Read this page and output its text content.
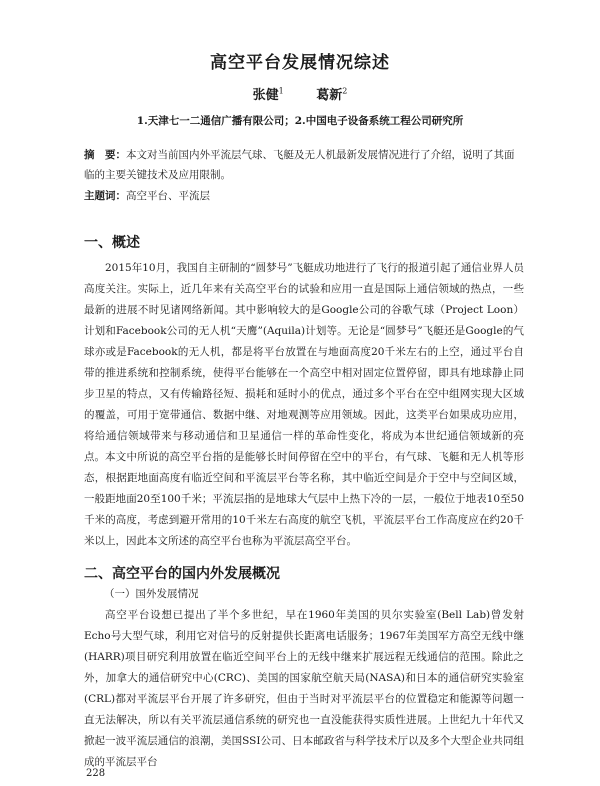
高空平台发展情况综述
张健$^1$	葛新$^2$
1.天津七一二通信广播有限公司；2.中国电子设备系统工程公司研究所
摘　要：本文对当前国内外平流层气球、飞艇及无人机最新发展情况进行了介绍，说明了其面临的主要关键技术及应用限制。
主题词：高空平台、平流层
一、概述

2015年10月，我国自主研制的“圆梦号”飞艇成功地进行了飞行的报道引起了通信业界人员高度关注。实际上，近几年来有关高空平台的试验和应用一直是国际上通信领域的热点，一些最新的进展不时见诸网络新闻。其中影响较大的是Google公司的谷歌气球（Project Loon）计划和Facebook公司的无人机“天鹰”(Aquila)计划等。无论是“圆梦号”飞艇还是Google的气球亦或是Facebook的无人机，都是将平台放置在与地面高度20千米左右的上空，通过平台自带的推进系统和控制系统，使得平台能够在一个高空中相对固定位置停留，即具有地球静止同步卫星的特点，又有传输路径短、损耗和延时小的优点，通过多个平台在空中组网实现大区域的覆盖，可用于宽带通信、数据中继、对地观测等应用领域。因此，这类平台如果成功应用，将给通信领域带来与移动通信和卫星通信一样的革命性变化，将成为本世纪通信领域新的亮点。 本文中所说的高空平台指的是能够长时间停留在空中的平台，有气球、飞艇和无人机等形态，根据距地面高度有临近空间和平流层平台等名称，其中临近空间是介于空中与空间区域，一般距地面20至100千米；平流层指的是地球大气层中上热下冷的一层，一般位于地表10至50千米的高度，考虑到避开常用的10千米左右高度的航空飞机，平流层平台工作高度应在约20千米以上，因此本文所述的高空平台也称为平流层高空平台。

二、高空平台的国内外发展概况
（一）国外发展情况

高空平台设想已提出了半个多世纪，早在1960年美国的贝尔实验室(Bell Lab)曾发射Echo号大型气球，利用它对信号的反射提供长距离电话服务；1967年美国军方高空无线中继(HARR)项目研究利用放置在临近空间平台上的无线中继来扩展远程无线通信的范围。除此之外，加拿大的通信研究中心(CRC)、美国的国家航空航天局(NASA)和日本的通信研究实验室(CRL)都对平流层平台开展了许多研究，但由于当时对平流层平台的位置稳定和能源等问题一直无法解决，所以有关平流层通信系统的研究也一直没能获得实质性进展。上世纪九十年代又掀起一波平流层通信的浪潮，美国SSI公司、日本邮政省与科学技术厅以及多个大型企业共同组成的平流层平台

228
